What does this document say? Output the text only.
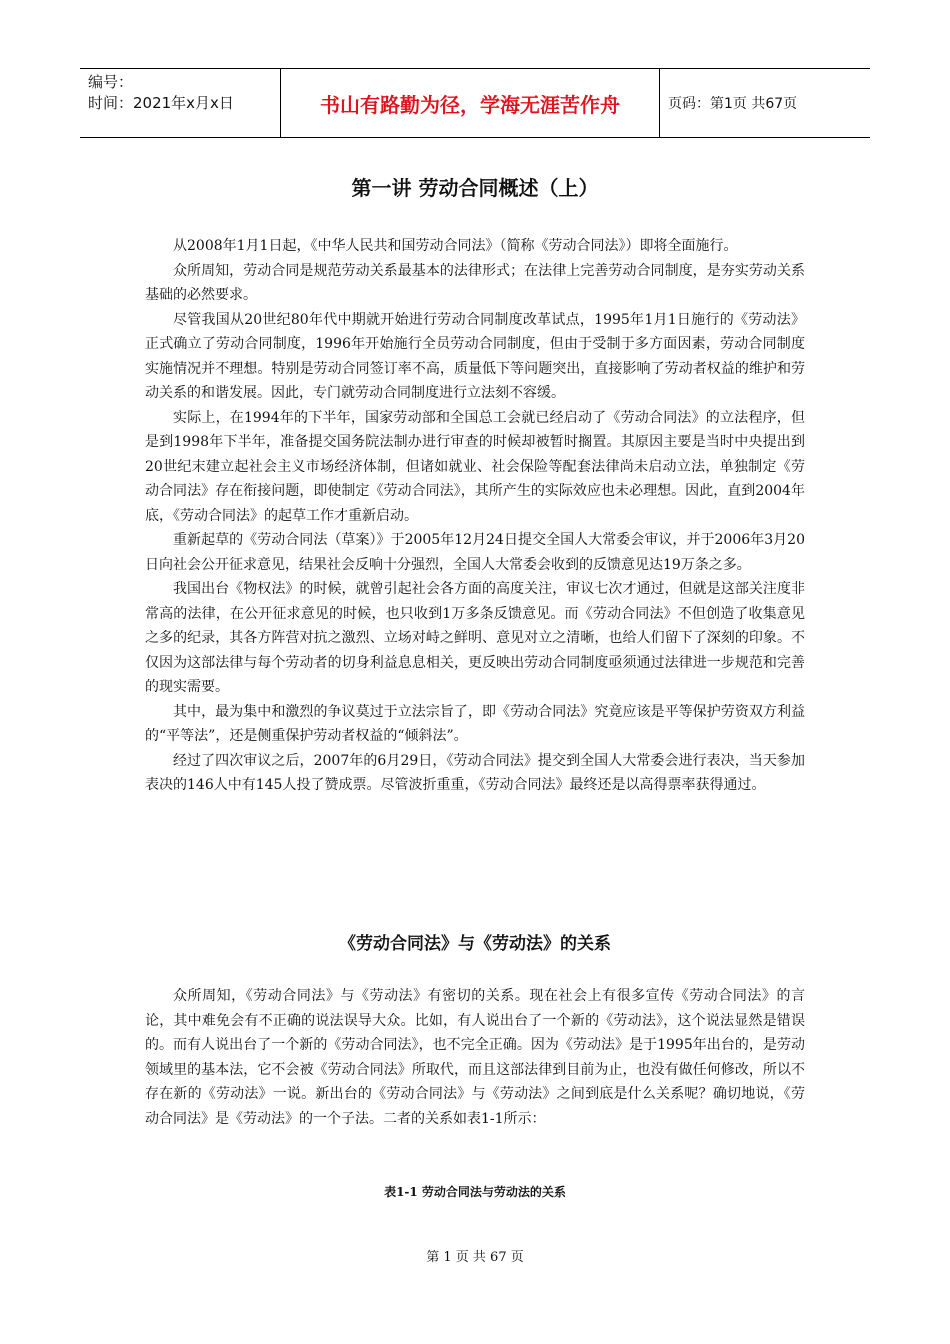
编号：
时间：2021年x月x日	书山有路勤为径，学海无涯苦作舟	页码：第1页 共67页
第一讲 劳动合同概述（上）

从2008年1月1日起，《中华人民共和国劳动合同法》（简称《劳动合同法》）即将全面施行。

众所周知，劳动合同是规范劳动关系最基本的法律形式；在法律上完善劳动合同制度，是夯实劳动关系基础的必然要求。

尽管我国从20世纪80年代中期就开始进行劳动合同制度改革试点，1995年1月1日施行的《劳动法》正式确立了劳动合同制度，1996年开始施行全员劳动合同制度，但由于受制于多方面因素，劳动合同制度实施情况并不理想。特别是劳动合同签订率不高，质量低下等问题突出，直接影响了劳动者权益的维护和劳动关系的和谐发展。因此，专门就劳动合同制度进行立法刻不容缓。

实际上，在1994年的下半年，国家劳动部和全国总工会就已经启动了《劳动合同法》的立法程序，但是到1998年下半年，准备提交国务院法制办进行审查的时候却被暂时搁置。其原因主要是当时中央提出到20世纪末建立起社会主义市场经济体制，但诸如就业、社会保险等配套法律尚未启动立法，单独制定《劳动合同法》存在衔接问题，即使制定《劳动合同法》，其所产生的实际效应也未必理想。因此，直到2004年底，《劳动合同法》的起草工作才重新启动。

重新起草的《劳动合同法（草案）》于2005年12月24日提交全国人大常委会审议，并于2006年3月20日向社会公开征求意见，结果社会反响十分强烈，全国人大常委会收到的反馈意见达19万条之多。

我国出台《物权法》的时候，就曾引起社会各方面的高度关注，审议七次才通过，但就是这部关注度非常高的法律，在公开征求意见的时候，也只收到1万多条反馈意见。而《劳动合同法》不但创造了收集意见之多的纪录，其各方阵营对抗之激烈、立场对峙之鲜明、意见对立之清晰，也给人们留下了深刻的印象。不仅因为这部法律与每个劳动者的切身利益息息相关，更反映出劳动合同制度亟须通过法律进一步规范和完善的现实需要。

其中，最为集中和激烈的争议莫过于立法宗旨了，即《劳动合同法》究竟应该是平等保护劳资双方利益的“平等法”，还是侧重保护劳动者权益的“倾斜法”。

经过了四次审议之后，2007年的6月29日，《劳动合同法》提交到全国人大常委会进行表决，当天参加表决的146人中有145人投了赞成票。尽管波折重重，《劳动合同法》最终还是以高得票率获得通过。

《劳动合同法》与《劳动法》的关系

众所周知，《劳动合同法》与《劳动法》有密切的关系。现在社会上有很多宣传《劳动合同法》的言论，其中难免会有不正确的说法误导大众。比如，有人说出台了一个新的《劳动法》，这个说法显然是错误的。而有人说出台了一个新的《劳动合同法》，也不完全正确。因为《劳动法》是于1995年出台的，是劳动领域里的基本法，它不会被《劳动合同法》所取代，而且这部法律到目前为止，也没有做任何修改，所以不存在新的《劳动法》一说。新出台的《劳动合同法》与《劳动法》之间到底是什么关系呢？确切地说，《劳动合同法》是《劳动法》的一个子法。二者的关系如表1-1所示：

表1-1 劳动合同法与劳动法的关系
第 1 页 共 67 页
